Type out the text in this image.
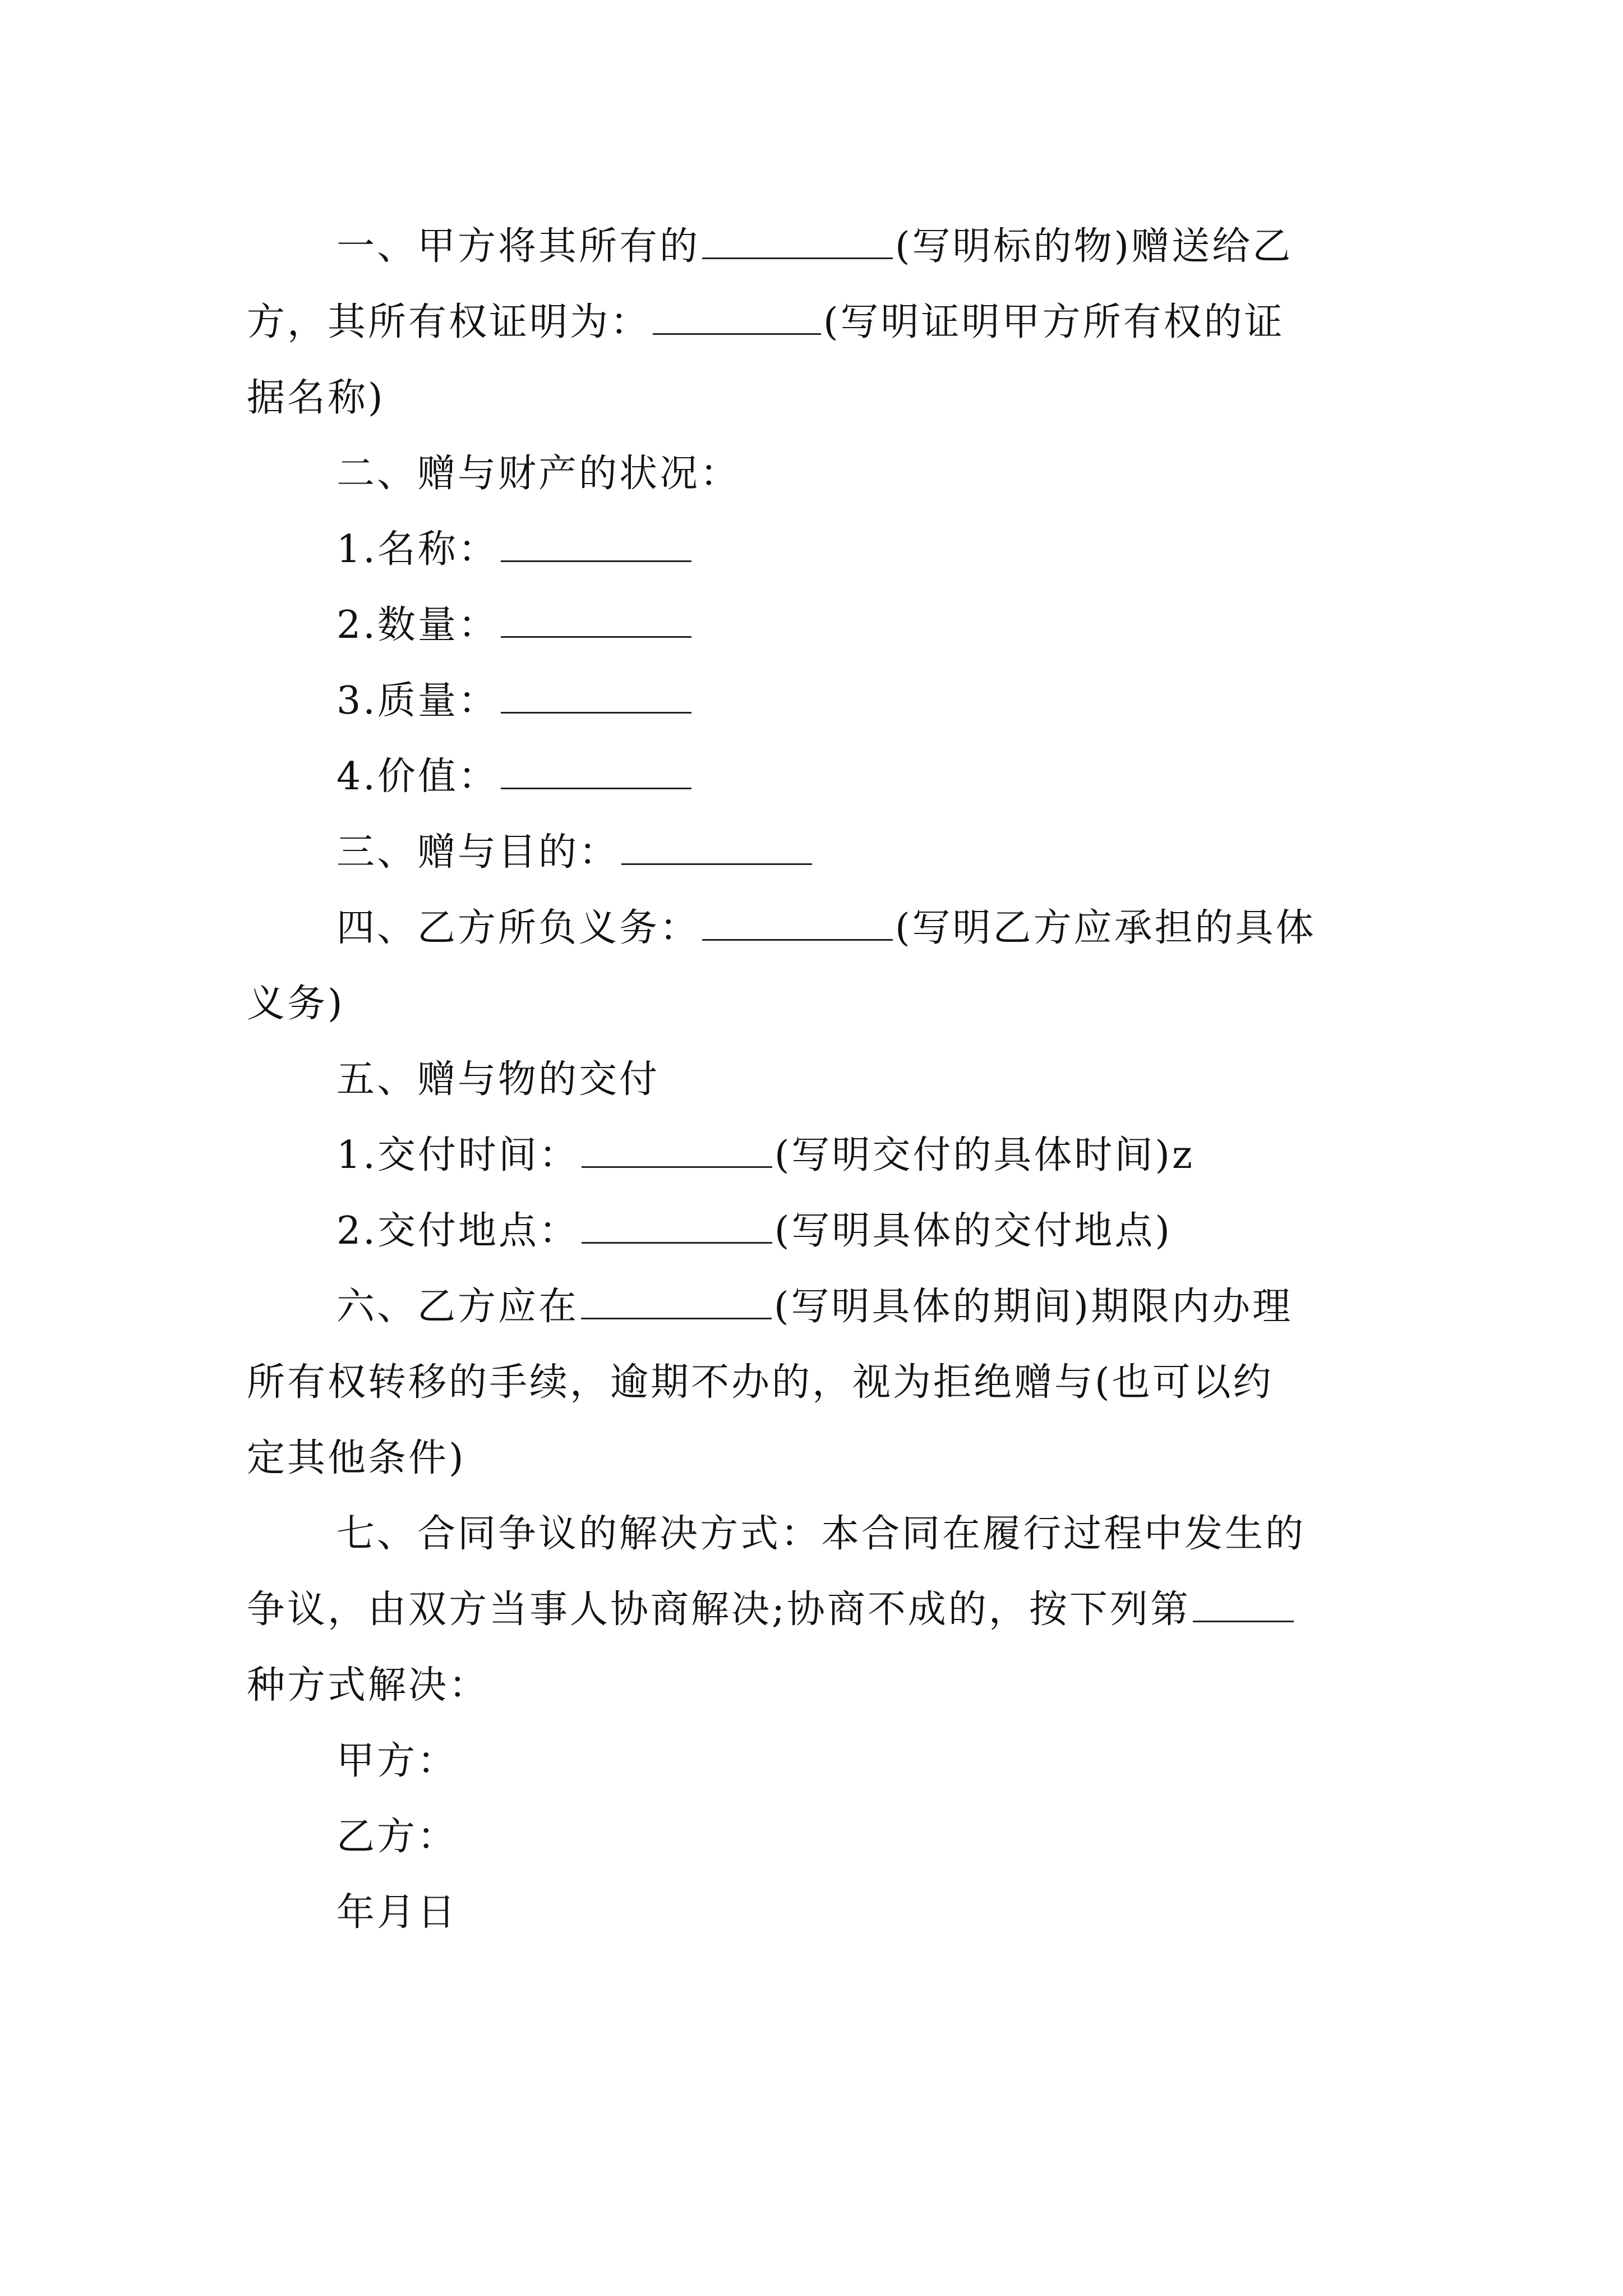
一、甲方将其所有的	(写明标的物)赠送给乙
方，其所有权证明为：	(写明证明甲方所有权的证
据名称)
二、赠与财产的状况：
1.名称：
2.数量：
3.质量：
4.价值：
三、赠与目的：
四、乙方所负义务：	(写明乙方应承担的具体
义务)
五、赠与物的交付
1.交付时间：	(写明交付的具体时间)z
2.交付地点：	(写明具体的交付地点)
六、乙方应在	(写明具体的期间)期限内办理
所有权转移的手续，逾期不办的，视为拒绝赠与(也可以约
定其他条件)
七、合同争议的解决方式：本合同在履行过程中发生的
争议，由双方当事人协商解决;协商不成的，按下列第
种方式解决：
甲方：
乙方：
年月日
